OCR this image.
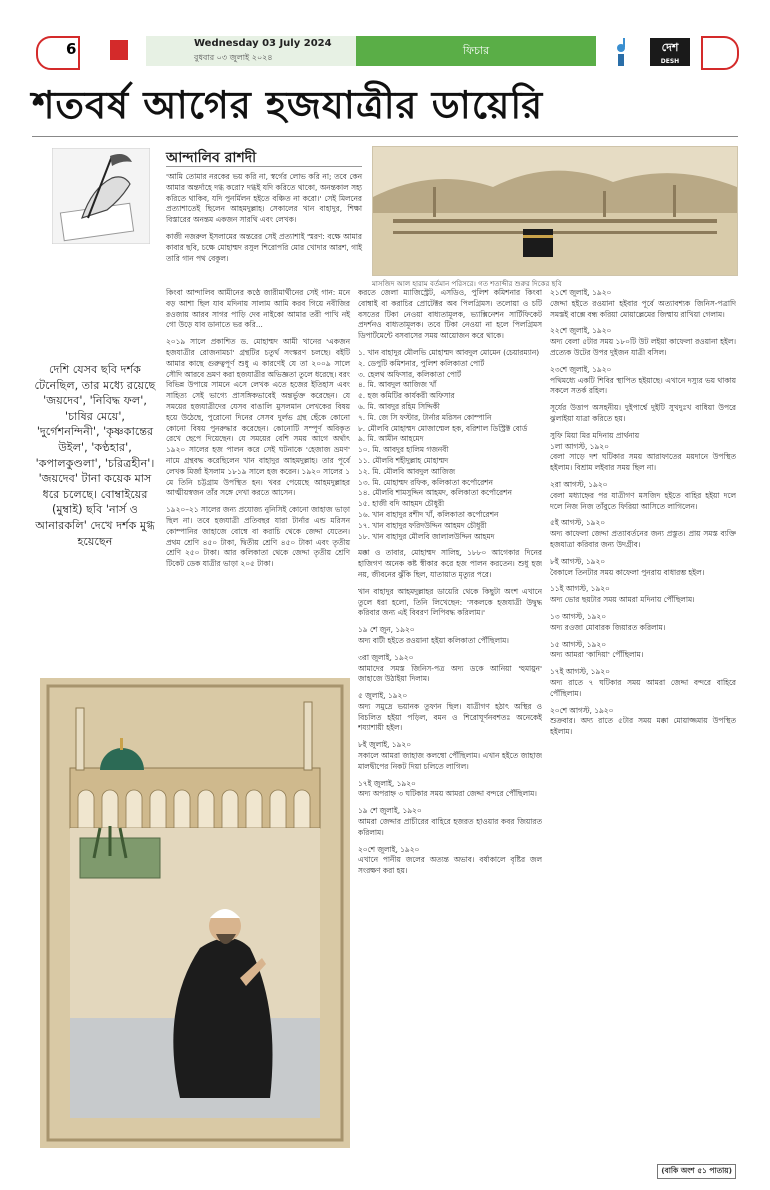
6	Wednesday 03 July 2024
বুধবার ০৩ জুলাই ২০২৪
ফিচার	দেশ
DESH
শতবর্ষ আগের হজযাত্রীর ডায়েরি
আন্দালিব রাশদী

'আমি তোমার নরকের ভয় করি না, স্বর্গের লোভ করি না; তবে কেন আমার অন্তর্দাহে দগ্ধ করো? দগ্ধই যদি করিতে থাকো, অনন্তকাল সহ্য করিতে থাকিব, যদি পুনর্মিলন হইতে বঞ্চিত না করো।' সেই মিলনের প্রত্যাশাতেই ছিলেন আহমদুল্লাহ। সেকালের খান বাহাদুর, শিক্ষা বিস্তারের অনন্তম একজন সারথি এবং লেখক।

কাজী নজরুল ইসলামের অন্তরের সেই প্রত্যাশাই স্মরণ: বক্ষে আমার কাবার ছবি, চক্ষে মোহাম্মদ রসুল শিরোপরি মোর খোদার আরশ, গাই তারি গান পথ বেকুল।

মাসজিদ আল হারাম বর্তমান পরিসরে। গত শতাব্দীর শুরুর দিকের ছবি
দেশি যেসব ছবি দর্শক টেনেছিল, তার মধ্যে রয়েছে 'জয়দেব', 'নিবিদ্ধ ফল', 'চাষির মেয়ে', 'দুর্গেশনন্দিনী', 'কৃষ্ণকান্তের উইল', 'কণ্ঠহার', 'কপালকুণ্ডলা', 'চরিত্রহীন'। 'জয়দেব' টানা কয়েক মাস ধরে চলেছে। বোম্বাইয়ের (মুম্বাই) ছবি 'নার্স ও আনারকলি' দেখে দর্শক মুগ্ধ হয়েছেন

কিংবা আন্দালিব আমীনের কণ্ঠে জারীমার্থীনের সেই গান: মনে বড় আশা ছিল যাব মদিনায় সালাম আমি করব গিয়ে নবীজির রওজায় আরব সাগর পাড়ি দেব নাইকো আমার তরী পাখি নই গো উড়ে যাব ডানাতে ভর করি...

২০১৯ সালে প্রকাশিত ড. মোহাম্মদ আমী খানের 'একজন হজযাত্রীর রোজনামচা' গ্রন্থটির চতুর্থ সংস্করণ চলছে। বইটি আমার কাছে গুরুত্বপূর্ণ শুধু এ কারণেই যে তা ২০০৯ সালে সৌদি আরবে ভ্রমণ করা হজযাত্রীর অভিজ্ঞতা তুলে ধরেছে। বরং বিভিন্ন উপায়ে সামনে এসে লেখক এতে হজের ইতিহাস এবং সাহিত্য সেই ভাগ্যে প্রাসঙ্গিকভাবেই অন্তর্ভুক্ত করেছেন। যে সময়ের হজযাত্রীদের যেসব বাঙালি মুসলমান লেখকের বিষয় হয়ে উঠেছে, পুরোনো দিনের সেসব দুর্লভ গ্রন্থ ছেঁকে কোনো কোনো বিষয় পুনরুদ্ধার করেছেন। কোনোটি সম্পূর্ণ অবিকৃত রেখে ছেপে দিয়েছেন। যে সময়ের বেশি সময় আগে অর্থাৎ ১৯২০ সালের হজ পালন করে সেই ঘটনাকে 'হেজাজ ভ্রমণ' নামে গ্রন্থবদ্ধ করেছিলেন খান বাহাদুর আহমদুল্লাহ। তার পূর্বে লেখক মির্জা ইসলাম ১৮১৯ সালে হজ করেন। ১৯২০ সালের ১ মে তিনি চট্টগ্রাম উপস্থিত হন। খবর পেয়েছে আহমদুল্লাহর আত্মীয়স্বজন তাঁর সঙ্গে দেখা করতে আসেন।

১৯২০–২১ সালের জন্য প্রযোজ্য নুনিসিই কোনো জাহাজ ভাড়া ছিল না। তবে হজযাত্রী প্রতিবছর যারা টার্নার এন্ড মরিসন কোম্পানির জাহাজে বোম্বে বা করাচি থেকে জেদ্দা যেতেন। প্রথম শ্রেণি ৪৫০ টাকা, দ্বিতীয় শ্রেণি ৪৫০ টাকা এবং তৃতীয় শ্রেণি ২৫০ টাকা। আর কলিকাতা থেকে জেদ্দা তৃতীয় শ্রেণি টিকেট ডেক যাত্রীর ভাড়া ২০৫ টাকা।

করতে জেলা ম্যাজিস্ট্রেট, এসডিও, পুলিশ কমিশনার কিংবা বোম্বাই বা করাচির প্রোটেক্টর অব পিলগ্রিমস। তলোয়া ও চটি বসতের টিকা নেওয়া বাধ্যতামূলক, ভ্যাক্সিনেশন সার্টিফিকেট প্রদর্শনও বাধ্যতামূলক। তবে টিকা নেওয়া না হলে পিলগ্রিমস ডিপার্টমেন্টে বসবাসের সময় আয়োজন করে থাকে।

১. খান বাহাদুর মৌলভি মোহাম্মদ আবদুল মোমেন (চেয়ারম্যান)
২. ডেপুটি কমিশনার, পুলিশ কলিকাতা পোর্ট
৩. হেলথ অফিসার, কলিকাতা পোর্ট
৪. মি. আবদুল আজিজ খাঁ
৫. হজ কমিটির কার্যকরী অফিসার
৬. মি. আবদুর রহিম সিদ্দিকী
৭. মি. জে সি ফস্টার, টার্নার মরিসন কোম্পানি
৮. মৌলবি মোহাম্মদ মোজাম্মেল হক, বরিশাল ডিস্ট্রিক্ট বোর্ড
৯. মি. আমীন আহমেদ
১০. মি. আবদুর হালিম গজনবী
১১. মৌলবি শহীদুল্লাহ মোহাম্মদ
১২. মি. মৌলবি আবদুল আজিজ
১৩. মি. মোহাম্মদ রফিক, কলিকাতা কর্পোরেশন
১৪. মৌলবি শামসুদ্দিন আহমদ, কলিকাতা কর্পোরেশন
১৫. হাজী বদি আহমদ চৌধুরী
১৬. খান বাহাদুর রশীদ খাঁ, কলিকাতা কর্পোরেশন
১৭. খান বাহাদুর ফরিদউদ্দিন আহমদ চৌধুরী
১৮. খান বাহাদুর মৌলবি জালালউদ্দিন আহমদ

মক্কা ও তাবার, মোহাম্মদ সালিহ, ১৮৮০ আগেকার দিনের হাজিগণ অনেক কষ্ট স্বীকার করে হজ পালন করতেন। শুধু হজ নয়, জীবনের ঝুঁকি ছিল, যাতায়াত মৃত্যুর পরে।

খান বাহাদুর আহমদুল্লাহর ডায়েরি থেকে কিছুটা অংশ এখানে তুলে ধরা হলো, তিনি লিখেছেন: 'সকলকে হজযাত্রী উদ্বুদ্ধ করিবার জন্য এই বিবরণ লিপিবদ্ধ করিলাম।'

১৯ শে জুন, ১৯২০
অদ্য বাটী হইতে রওয়ানা হইয়া কলিকাতা পৌঁছিলাম।

৩রা জুলাই, ১৯২০
আমাদের সমস্ত জিনিস-পত্র অদ্য ডকে আনিয়া 'হুমায়ুন' জাহাজে উঠাইয়া দিলাম।

৫ জুলাই, ১৯২০
অদ্য সমুদ্রে ভয়ানক তুফান ছিল। যাত্রীগণ হঠাৎ অস্থির ও বিচলিত হইয়া পড়িল, বমন ও শিরোঘূর্ণনবশতঃ অনেকেই শয্যাশায়ী হইল।

৮ই জুলাই, ১৯২০
সকালে আমরা জাহাজ কলম্বো পৌঁছিলাম। এখান হইতে জাহাজ মালদ্বীপের নিকট দিয়া চলিতে লাগিল।

১৭ই জুলাই, ১৯২০
অদ্য অপরাহ্ন ৩ ঘটিকার সময় আমরা জেদ্দা বন্দরে পৌঁছিলাম।

১৯ শে জুলাই, ১৯২০
আমরা জেদ্দার প্রাচীরের বাহিরে হজরত হাওয়ার কবর জিয়ারত করিলাম।

২০শে জুলাই, ১৯২০
এখানে পানীয় জলের অত্যন্ত অভাব। বর্ষাকালে বৃষ্টির জল সংরক্ষণ করা হয়।

২১শে জুলাই, ১৯২০
জেদ্দা হইতে রওয়ানা হইবার পূর্বে অত্যাবশ্যক জিনিস-পত্রাদি সমস্তই বাক্সে বন্ধ করিয়া মোয়াল্লেমের জিম্মায় রাখিয়া গেলাম।

২২শে জুলাই, ১৯২০
অদ্য বেলা ৫টার সময় ১৮০টি উট লইয়া কাফেলা রওয়ানা হইল। প্রত্যেক উটের উপর দুইজন যাত্রী বসিল।

২৩শে জুলাই, ১৯২০
পথিমধ্যে একটি শিবির স্থাপিত হইয়াছে। এখানে দস্যুর ভয় থাকায় সকলে সতর্ক রহিল।

সূর্যের উত্তাপ অসহনীয়। দুইপার্শ্বে দুইটি সুখদুঃখ বাধিয়া উপরে ঝুলাইয়া যাত্রা করিতে হয়।

সুফি মিয়া মির মদিনায় প্রার্থনায়
১লা আগস্ট, ১৯২০
বেলা সাড়ে দশ ঘটিকার সময় আরাফাতের ময়দানে উপস্থিত হইলাম। বিশ্রাম লইবার সময় ছিল না।

২রা আগস্ট, ১৯২০
বেলা মধ্যাহ্নের পর যাত্রীগণ মসজিদ হইতে বাহির হইয়া দলে দলে নিজ নিজ তাঁবুতে ফিরিয়া আসিতে লাগিলেন।

৫ই আগস্ট, ১৯২০
অদ্য কাফেলা জেদ্দা প্রত্যাবর্তনের জন্য প্রস্তুত। প্রায় সমস্ত ব্যক্তি হজযাত্রা করিবার জন্য উদগ্রীব।

৮ই আগস্ট, ১৯২০
বৈকালে তিনটার সময় কাফেলা পুনরায় বাধারম্ভ হইল।

১১ই আগস্ট, ১৯২০
অদ্য ভোর ছয়টার সময় আমরা মদিনায় পৌঁছিলাম।

১৩ আগস্ট, ১৯২০
অদ্য রওজা মোবারক জিয়ারত করিলাম।

১৫ আগস্ট, ১৯২০
অদ্য আমরা 'কাদিয়া' পৌঁছিলাম।

১৭ই আগস্ট, ১৯২০
অদ্য রাতে ৭ ঘটিকার সময় আমরা জেদ্দা বন্দরে বাহিরে পৌঁছিলাম।

২০শে আগস্ট, ১৯২০
শুক্রবার। অদ্য রাতে ৫টার সময় মক্কা মোয়াজ্জমায় উপস্থিত হইলাম।

(বাকি অংশ ৫১ পাতায়)
